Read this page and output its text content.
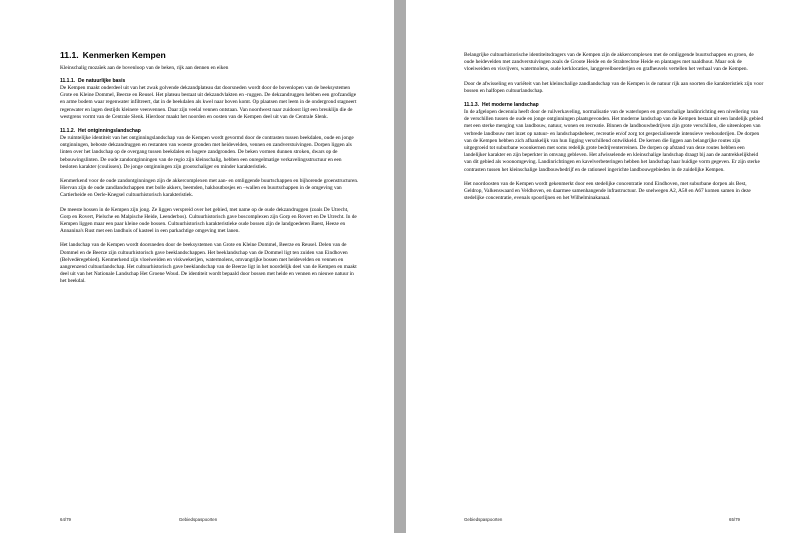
11.1. Kenmerken Kempen

Kleinschalig mozaïek aan de bovenloop van de beken, rijk aan dennen en eiken

11.1.1. De natuurlijke basis

De Kempen maakt onderdeel uit van het zwak golvende dekzandplateau dat doorsneden wordt door de bovenlopen van de beeksystemen Grote en Kleine Dommel, Beerze en Reusel. Het plateau bestaat uit dekzandvlakten en -ruggen. De dekzandruggen hebben een grofzandige en arme bodem waar regenwater infiltreert, dat in de beekdalen als kwel naar boven komt. Op plaatsen met leem in de ondergrond stagneert regenwater en lagen destijds kleinere veenvennen. Daar zijn veelal vennen ontstaan. Van noordwest naar zuidoost ligt een breuklijn die de westgrens vormt van de Centrale Slenk. Hierdoor maakt het noorden en oosten van de Kempen deel uit van de Centrale Slenk.

11.1.2. Het ontginningslandschap

De ruimtelijke identiteit van het ontginningslandschap van de Kempen wordt gevormd door de contrasten tussen beekdalen, oude en jonge ontginningen, beboste dekzandruggen en restanten van woeste gronden met heidevelden, vennen en zandverstuivingen. Dorpen liggen als linten over het landschap op de overgang tussen beekdalen en hogere zandgronden. De beken vormen dunnen stroken, dwars op de bebouwingslinten. De oude zandontginningen van de regio zijn kleinschalig, hebben een onregelmatige verkavelingsstructuur en een besloten karakter (coulissen). De jonge ontginningen zijn grootschaliger en minder karakteristiek.

Kenmerkend voor de oude zandontginningen zijn de akkercomplexen met aan- en omliggende buurtschappen en bijhorende groenstructuren. Hiervan zijn de oude zandlandschappen met bolle akkers, beemden, hakhoutbosjes en –wallen en buurtschappen in de omgeving van Cartierheide en Oerle-Knegsel cultuurhistorisch karakteristiek.

De meeste bossen in de Kempen zijn jong. Ze liggen verspreid over het gebied, met name op de oude dekzandruggen (zoals De Utrecht, Gorp en Rovert, Pielsche en Malpische Heide, Leenderbos). Cultuurhistorisch gave boscomplexen zijn Gorp en Rovert en De Utrecht. In de Kempen liggen maar een paar kleine oude bossen. Cultuurhistorisch karakteristieke oude bossen zijn de landgoederen Baest, Heeze en Annanina's Rust met een landhuis of kasteel in een parkachtige omgeving met lanen.

Het landschap van de Kempen wordt doorsneden door de beeksystemen van Grote en Kleine Dommel, Beerze en Reusel. Delen van de Dommel en de Beerze zijn cultuurhistorisch gave beeklandschappen. Het beeklandschap van de Dommel ligt ten zuiden van Eindhoven (Belvedèregebied). Kenmerkend zijn vloeiweiden en viskwekerijen, watermolens, omvangrijke bossen met heidevelden en vennen en aangrenzend cultuurlandschap. Het cultuurhistorisch gave beeklandschap van de Beerze ligt in het noordelijk deel van de Kempen en maakt deel uit van het Nationale Landschap Het Groene Woud. De identiteit wordt bepaald door bossen met heide en vennen en nieuwe natuur in het beekdal.

64/79	Gebiedspaspoorten

Belangrijke cultuurhistorische identiteitsdragers van de Kempen zijn de akkercomplexen met de omliggende buurtschappen en groen, de oude heidevelden met zandverstuivingen zoals de Groote Heide en de Strabrechtse Heide en plantages met naaldhout. Maar ook de vloeiweiden en visvijvers, watermolens, oude kerklocaties, langgevelboerderijen en grafheuvels vertellen het verhaal van de Kempen.

Door de afwisseling en variëteit van het kleinschalige zandlandschap van de Kempen is de natuur rijk aan soorten die karakteristiek zijn voor bossen en halfopen cultuurlandschap.

11.1.3. Het moderne landschap

In de afgelopen decennia heeft door de ruilverkaveling, normalisatie van de waterlopen en grootschalige landinrichting een nivellering van de verschillen tussen de oude en jonge ontginningen plaatsgevonden. Het moderne landschap van de Kempen bestaat uit een landelijk gebied met een sterke menging van landbouw, natuur, wonen en recreatie. Binnen de landbouwbedrijven zijn grote verschillen, die uiteenlopen van verbrede landbouw met inzet op natuur- en landschapsbeheer, recreatie en/of zorg tot gespecialiseerde intensieve veehouderijen. De dorpen van de Kempen hebben zich afhankelijk van hun ligging verschillend ontwikkeld. De kernen die liggen aan belangrijke routes zijn uitgegroeid tot suburbane woonkernen met soms redelijk grote bedrijventerreinen. De dorpen op afstand van deze routes hebben een landelijker karakter en zijn beperkter in omvang gebleven. Het afwisselende en kleinschalige landschap draagt bij aan de aantrekkelijkheid van dit gebied als woonomgeving. Landinrichtingen en kavelverbeteringen hebben het landschap haar huidige vorm gegeven. Er zijn sterke contrasten tussen het kleinschalige landbouwbedrijf en de rationeel ingerichte landbouwgebieden in de zuidelijke Kempen.

Het noordoosten van de Kempen wordt gekenmerkt door een stedelijke concentratie rond Eindhoven, met suburbane dorpen als Best, Geldrop, Valkenswaard en Veldhoven, en daarmee samenhangende infrastructuur. De snelwegen A2, A58 en A67 komen samen in deze stedelijke concentratie, evenals spoorlijnen en het Wilhelminakanaal.

Gebiedspaspoorten	65/79
